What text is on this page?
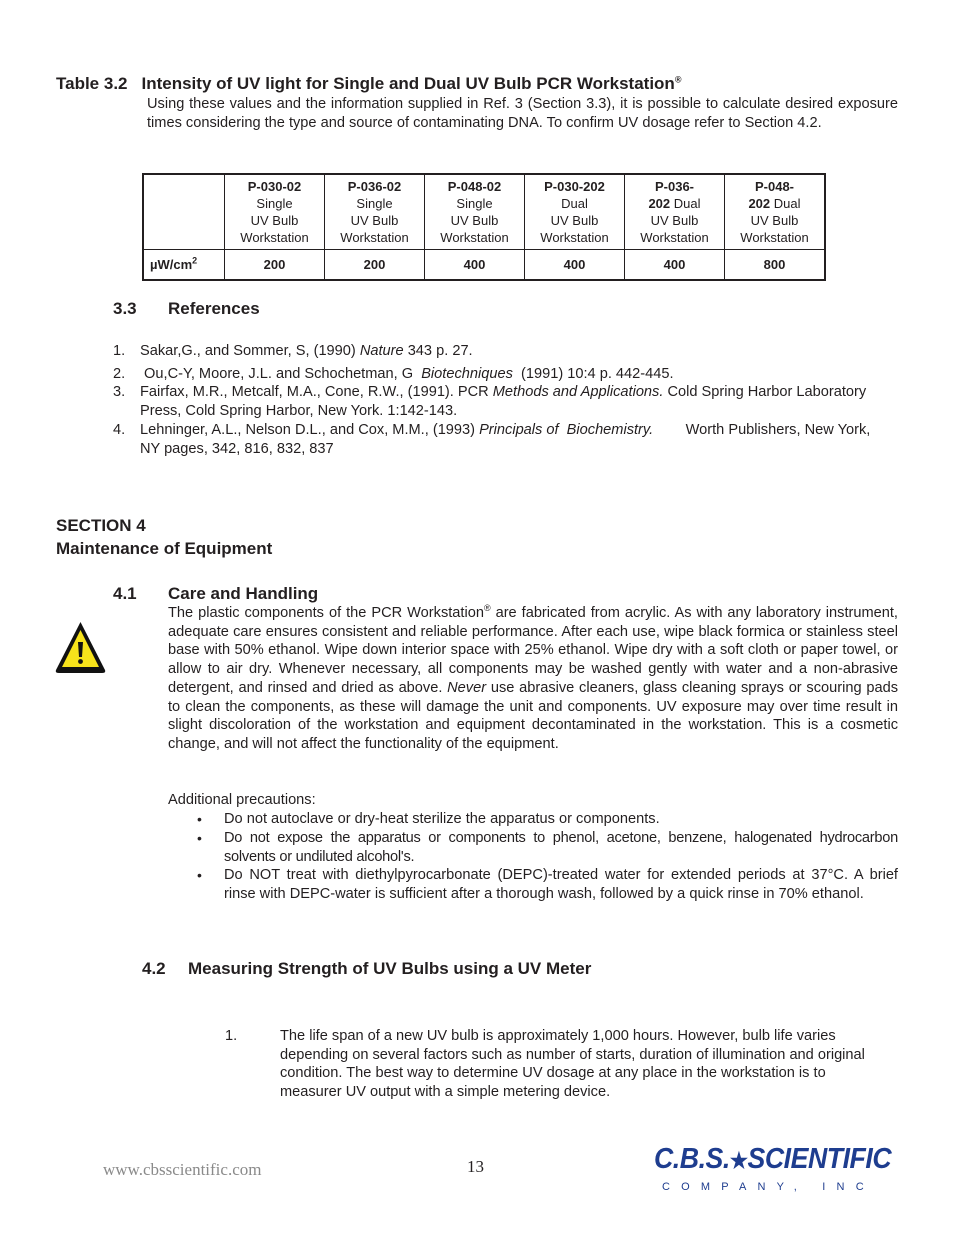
Table 3.2 Intensity of UV light for Single and Dual UV Bulb PCR Workstation®
Using these values and the information supplied in Ref. 3 (Section 3.3), it is possible to calculate desired exposure times considering the type and source of contaminating DNA. To confirm UV dosage refer to Section 4.2.
	P-030-02
Single
UV Bulb
Workstation	P-036-02
Single
UV Bulb
Workstation	P-048-02
Single
UV Bulb
Workstation	P-030-202
Dual
UV Bulb
Workstation	P-036-
202 Dual
UV Bulb
Workstation	P-048-
202 Dual
UV Bulb
Workstation
$\mu W/cm^2$	200	200	400	400	400	800
3.3 References
1. Sakar,G., and Sommer, S, (1990) Nature 343 p. 27.
2. Ou,C-Y, Moore, J.L. and Schochetman, G  Biotechniques  (1991) 10:4 p. 442-445.
3. Fairfax, M.R., Metcalf, M.A., Cone, R.W., (1991). PCR Methods and Applications. Cold Spring Harbor Laboratory Press, Cold Spring Harbor, New York. 1:142-143.
4. Lehninger, A.L., Nelson D.L., and Cox, M.M., (1993) Principals of  Biochemistry.        Worth Publishers, New York, NY pages, 342, 816, 832, 837
SECTION 4
Maintenance of Equipment
4.1 Care and Handling
The plastic components of the PCR Workstation® are fabricated from acrylic. As with any laboratory instrument, adequate care ensures consistent and reliable performance. After each use, wipe black formica or stainless steel base with 50% ethanol. Wipe down interior space with 25% ethanol. Wipe dry with a soft cloth or paper towel, or allow to air dry. Whenever necessary, all components may be washed gently with water and a non-abrasive detergent, and rinsed and dried as above. Never use abrasive cleaners, glass cleaning sprays or scouring pads to clean the components, as these will damage the unit and components. UV exposure may over time result in slight discoloration of the workstation and equipment decontaminated in the workstation. This is a cosmetic change, and will not affect the functionality of the equipment.
Additional precautions:
• Do not autoclave or dry-heat sterilize the apparatus or components.
• Do not expose the apparatus or components to phenol, acetone, benzene, halogenated hydrocarbon solvents or undiluted alcohol's.
• Do NOT treat with diethylpyrocarbonate (DEPC)-treated water for extended periods at 37°C. A brief rinse with DEPC-water is sufficient after a thorough wash, followed by a quick rinse in 70% ethanol.
4.2 Measuring Strength of UV Bulbs using a UV Meter
1.	The life span of a new UV bulb is approximately 1,000 hours. However, bulb life varies depending on several factors such as number of starts, duration of illumination and original condition. The best way to determine UV dosage at any place in the workstation is to measurer UV output with a simple metering device.
www.cbsscientific.com	13	C.B.S.★SCIENTIFIC
COMPANY, INC
